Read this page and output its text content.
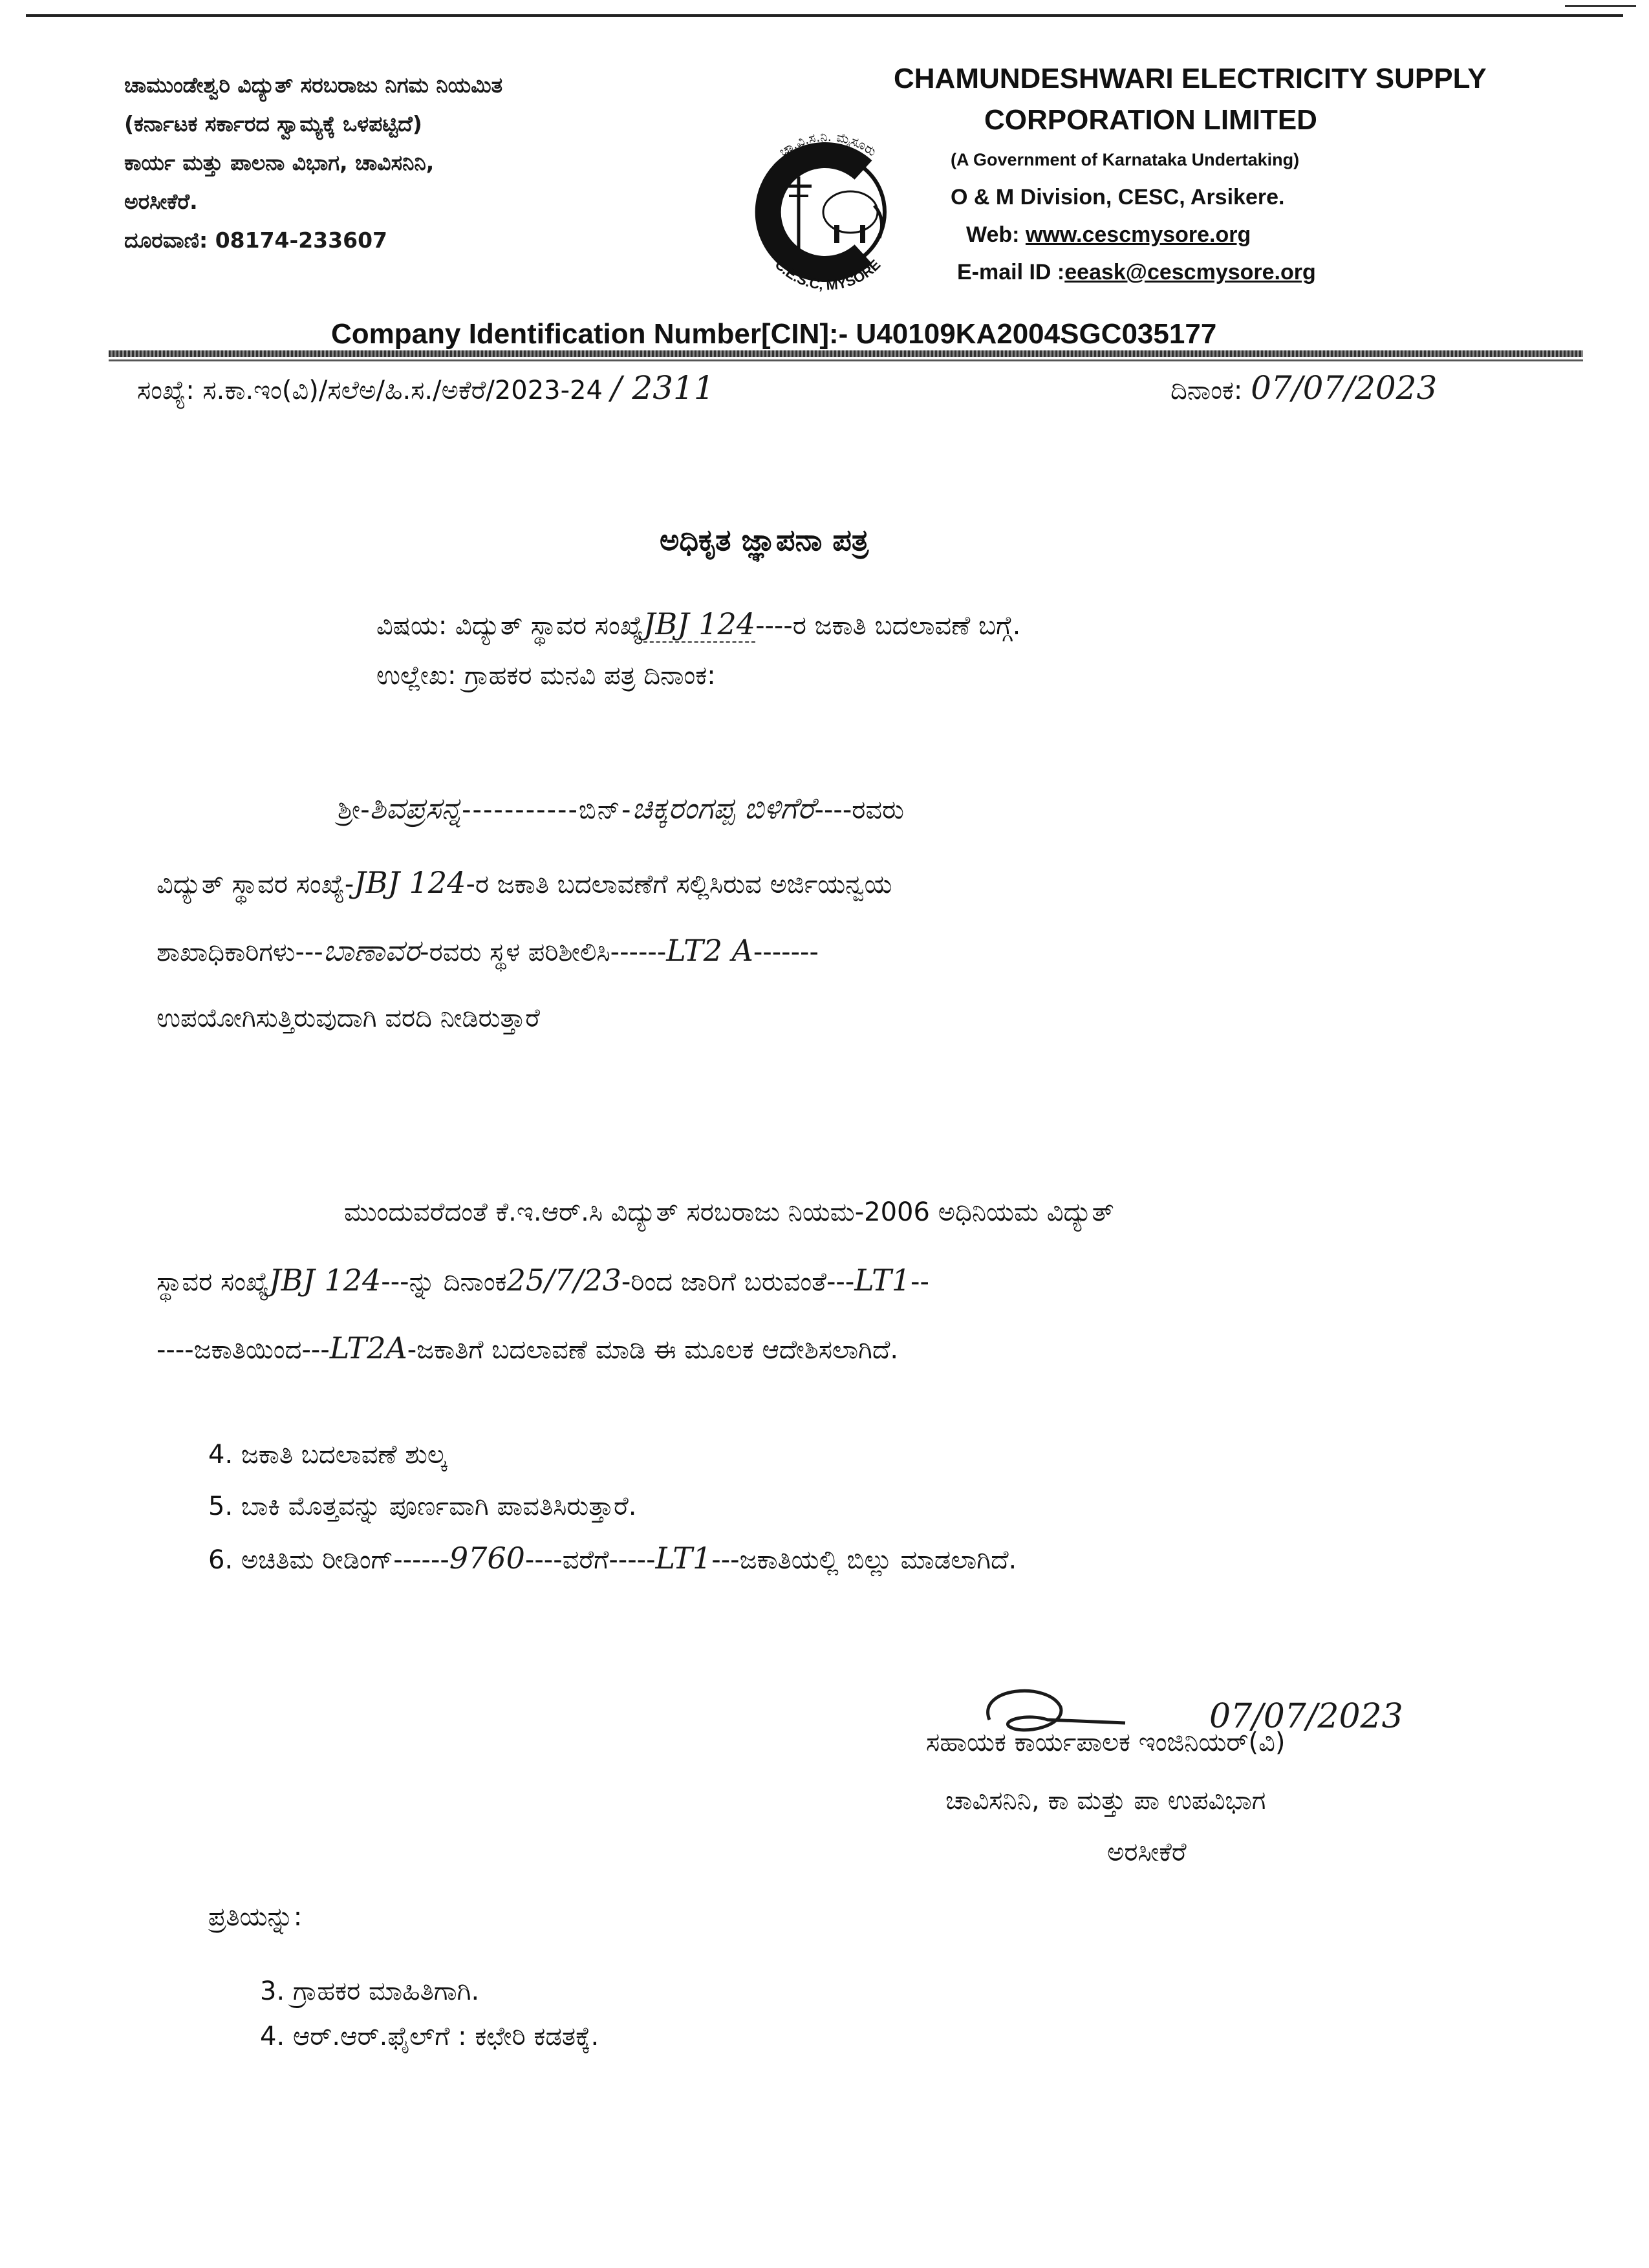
ಚಾಮುಂಡೇಶ್ವರಿ ವಿದ್ಯುತ್ ಸರಬರಾಜು ನಿಗಮ ನಿಯಮಿತ
(ಕರ್ನಾಟಕ ಸರ್ಕಾರದ ಸ್ವಾಮ್ಯಕ್ಕೆ ಒಳಪಟ್ಟಿದೆ)
ಕಾರ್ಯ ಮತ್ತು ಪಾಲನಾ ವಿಭಾಗ, ಚಾವಿಸನಿನಿ,
ಅರಸೀಕೆರೆ.
ದೂರವಾಣಿ: 08174-233607
ಚಾ.ವಿ.ಸ.ನಿ. ಮೈಸೂರು
C.E.S.C, MYSORE
CHAMUNDESHWARI ELECTRICITY SUPPLY
CORPORATION LIMITED
(A Government of Karnataka Undertaking)
O & M Division, CESC, Arsikere.
Web: www.cescmysore.org
E-mail ID :eeask@cescmysore.org
Company Identification Number[CIN]:- U40109KA2004SGC035177
ಸಂಖ್ಯೆ: ಸ.ಕಾ.ಇಂ(ವಿ)/ಸಲೆಅ/ಹಿ.ಸ./ಅಕೆರೆ/2023-24 / 2311	ದಿನಾಂಕ: 07/07/2023
ಅಧಿಕೃತ ಜ್ಞಾಪನಾ ಪತ್ರ
ವಿಷಯ: ವಿದ್ಯುತ್ ಸ್ಥಾವರ ಸಂಖ್ಯೆJBJ 124----ರ ಜಕಾತಿ ಬದಲಾವಣೆ ಬಗ್ಗೆ.
ಉಲ್ಲೇಖ: ಗ್ರಾಹಕರ ಮನವಿ ಪತ್ರ ದಿನಾಂಕ:
ಶ್ರೀ-ಶಿವಪ್ರಸನ್ನ-----------ಬಿನ್-ಚಿಕ್ಕರಂಗಪ್ಪ ಬಿಳಿಗೆರೆ----ರವರು
ವಿದ್ಯುತ್ ಸ್ಥಾವರ ಸಂಖ್ಯೆ-JBJ 124-ರ ಜಕಾತಿ ಬದಲಾವಣೆಗೆ ಸಲ್ಲಿಸಿರುವ ಅರ್ಜಿಯನ್ವಯ
ಶಾಖಾಧಿಕಾರಿಗಳು---ಬಾಣಾವರ-ರವರು ಸ್ಥಳ ಪರಿಶೀಲಿಸಿ------LT2 A-------
ಉಪಯೋಗಿಸುತ್ತಿರುವುದಾಗಿ ವರದಿ ನೀಡಿರುತ್ತಾರೆ
ಮುಂದುವರೆದಂತೆ ಕೆ.ಇ.ಆರ್.ಸಿ ವಿದ್ಯುತ್ ಸರಬರಾಜು ನಿಯಮ-2006 ಅಧಿನಿಯಮ ವಿದ್ಯುತ್
ಸ್ಥಾವರ ಸಂಖ್ಯೆJBJ 124---ನ್ನು ದಿನಾಂಕ25/7/23-ರಿಂದ ಜಾರಿಗೆ ಬರುವಂತೆ---LT1--
----ಜಕಾತಿಯಿಂದ---LT2A-ಜಕಾತಿಗೆ ಬದಲಾವಣೆ ಮಾಡಿ ಈ ಮೂಲಕ ಆದೇಶಿಸಲಾಗಿದೆ.
4. ಜಕಾತಿ ಬದಲಾವಣೆ ಶುಲ್ಕ
5. ಬಾಕಿ ಮೊತ್ತವನ್ನು ಪೂರ್ಣವಾಗಿ ಪಾವತಿಸಿರುತ್ತಾರೆ.
6. ಅಚಿತಿಮ ರೀಡಿಂಗ್------9760----ವರೆಗೆ-----LT1---ಜಕಾತಿಯಲ್ಲಿ ಬಿಲ್ಲು ಮಾಡಲಾಗಿದೆ.
07/07/2023
ಸಹಾಯಕ ಕಾರ್ಯಪಾಲಕ ಇಂಜಿನಿಯರ್(ವಿ)
ಚಾವಿಸನಿನಿ, ಕಾ ಮತ್ತು ಪಾ ಉಪವಿಭಾಗ
ಅರಸೀಕೆರೆ
ಪ್ರತಿಯನ್ನು:
3. ಗ್ರಾಹಕರ ಮಾಹಿತಿಗಾಗಿ.
4. ಆರ್.ಆರ್.ಫೈಲ್‌ಗೆ : ಕಛೇರಿ ಕಡತಕ್ಕೆ.
